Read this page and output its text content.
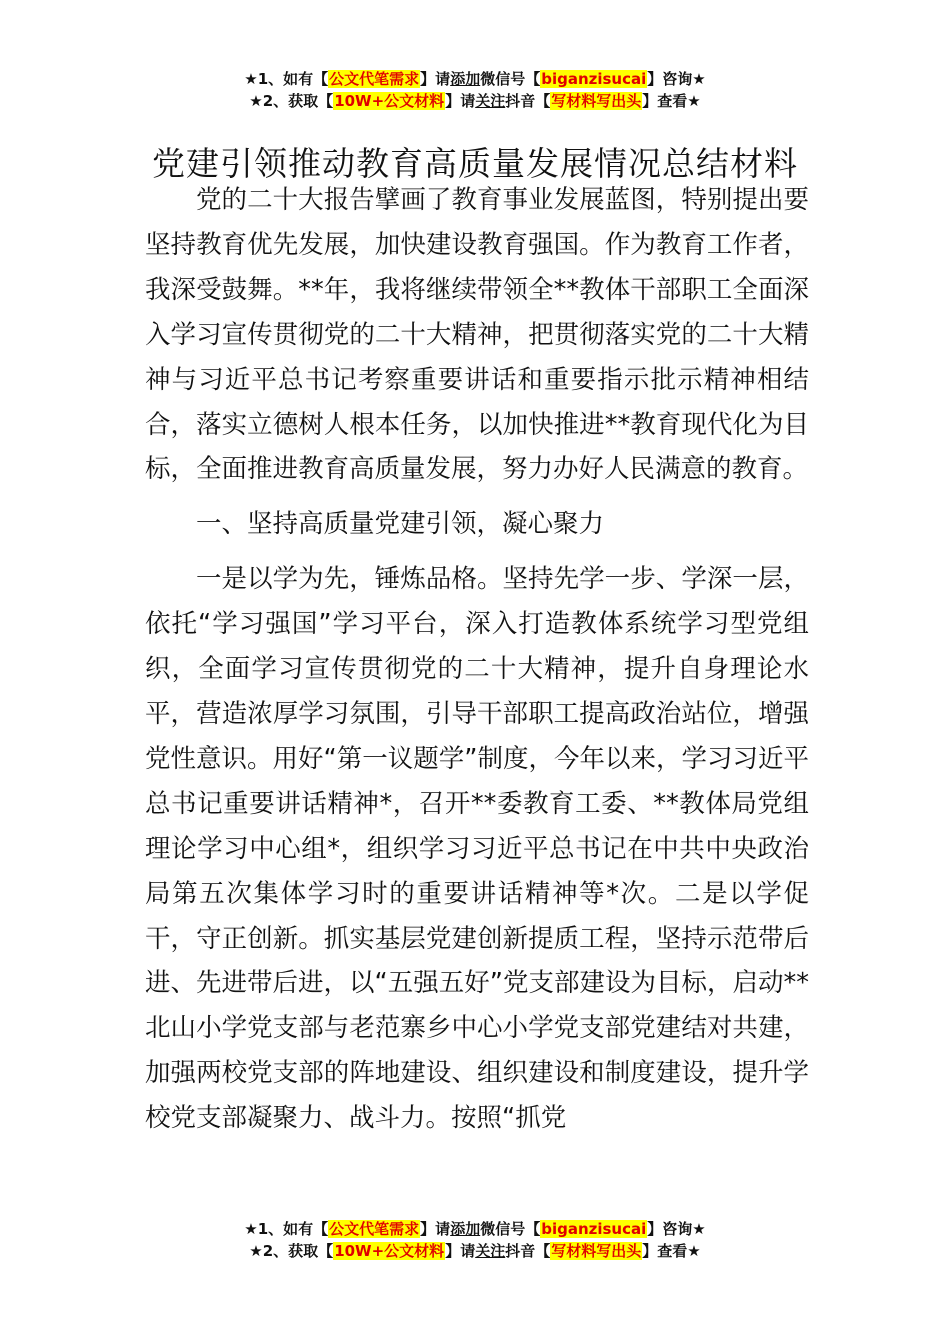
★1、如有【公文代笔需求】请添加微信号【biganzisucai】咨询★
★2、获取【10W+公文材料】请关注抖音【写材料写出头】查看★
党建引领推动教育高质量发展情况总结材料

党的二十大报告擘画了教育事业发展蓝图，特别提出要坚持教育优先发展，加快建设教育强国。作为教育工作者，我深受鼓舞。**年，我将继续带领全**教体干部职工全面深入学习宣传贯彻党的二十大精神，把贯彻落实党的二十大精神与习近平总书记考察重要讲话和重要指示批示精神相结合，落实立德树人根本任务，以加快推进**教育现代化为目标，全面推进教育高质量发展，努力办好人民满意的教育。

一、坚持高质量党建引领，凝心聚力

一是以学为先，锤炼品格。坚持先学一步、学深一层，依托“学习强国”学习平台，深入打造教体系统学习型党组织，全面学习宣传贯彻党的二十大精神，提升自身理论水平，营造浓厚学习氛围，引导干部职工提高政治站位，增强党性意识。用好“第一议题学”制度，今年以来，学习习近平总书记重要讲话精神*，召开**委教育工委、**教体局党组理论学习中心组*，组织学习习近平总书记在中共中央政治局第五次集体学习时的重要讲话精神等*次。二是以学促干，守正创新。抓实基层党建创新提质工程，坚持示范带后进、先进带后进，以“五强五好”党支部建设为目标，启动**北山小学党支部与老范寨乡中心小学党支部党建结对共建，加强两校党支部的阵地建设、组织建设和制度建设，提升学校党支部凝聚力、战斗力。按照“抓党

★1、如有【公文代笔需求】请添加微信号【biganzisucai】咨询★
★2、获取【10W+公文材料】请关注抖音【写材料写出头】查看★
